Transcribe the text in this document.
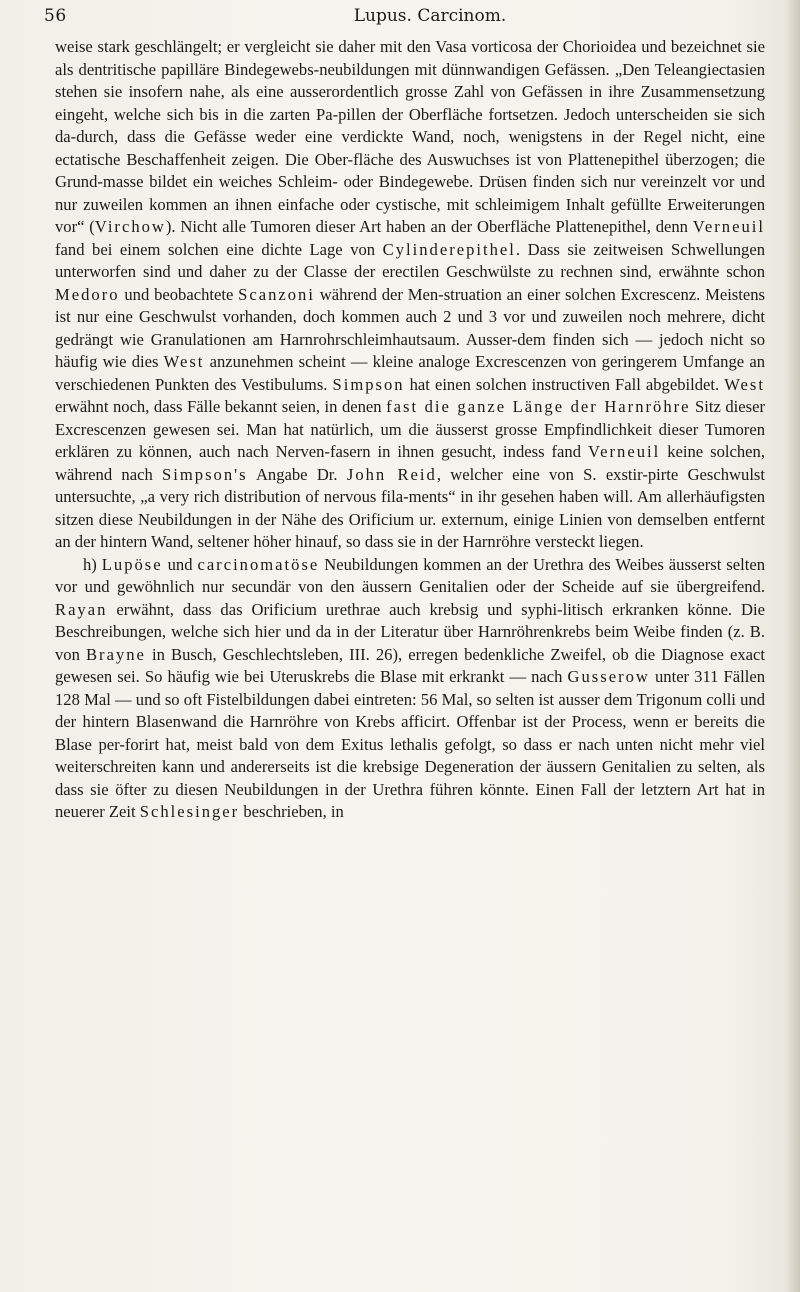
56	Lupus. Carcinom.

weise stark geschlängelt; er vergleicht sie daher mit den Vasa vorticosa der Chorioidea und bezeichnet sie als dentritische papilläre Bindegewebs-neubildungen mit dünnwandigen Gefässen. „Den Teleangiectasien stehen sie insofern nahe, als eine ausserordentlich grosse Zahl von Gefässen in ihre Zusammensetzung eingeht, welche sich bis in die zarten Pa-pillen der Oberfläche fortsetzen. Jedoch unterscheiden sie sich da-durch, dass die Gefässe weder eine verdickte Wand, noch, wenigstens in der Regel nicht, eine ectatische Beschaffenheit zeigen. Die Ober-fläche des Auswuchses ist von Plattenepithel überzogen; die Grund-masse bildet ein weiches Schleim- oder Bindegewebe. Drüsen finden sich nur vereinzelt vor und nur zuweilen kommen an ihnen einfache oder cystische, mit schleimigem Inhalt gefüllte Erweiterungen vor“ (Virchow). Nicht alle Tumoren dieser Art haben an der Oberfläche Plattenepithel, denn Verneuil fand bei einem solchen eine dichte Lage von Cylinderepithel. Dass sie zeitweisen Schwellungen unterworfen sind und daher zu der Classe der erectilen Geschwülste zu rechnen sind, erwähnte schon Medoro und beobachtete Scanzoni während der Men-struation an einer solchen Excrescenz. Meistens ist nur eine Geschwulst vorhanden, doch kommen auch 2 und 3 vor und zuweilen noch mehrere, dicht gedrängt wie Granulationen am Harnrohrschleimhautsaum. Ausser-dem finden sich — jedoch nicht so häufig wie dies West anzunehmen scheint — kleine analoge Excrescenzen von geringerem Umfange an verschiedenen Punkten des Vestibulums. Simpson hat einen solchen instructiven Fall abgebildet. West erwähnt noch, dass Fälle bekannt seien, in denen fast die ganze Länge der Harnröhre Sitz dieser Excrescenzen gewesen sei. Man hat natürlich, um die äusserst grosse Empfindlichkeit dieser Tumoren erklären zu können, auch nach Nerven-fasern in ihnen gesucht, indess fand Verneuil keine solchen, während nach Simpson's Angabe Dr. John Reid, welcher eine von S. exstir-pirte Geschwulst untersuchte, „a very rich distribution of nervous fila-ments“ in ihr gesehen haben will. Am allerhäufigsten sitzen diese Neubildungen in der Nähe des Orificium ur. externum, einige Linien von demselben entfernt an der hintern Wand, seltener höher hinauf, so dass sie in der Harnröhre versteckt liegen.

h) Lupöse und carcinomatöse Neubildungen kommen an der Urethra des Weibes äusserst selten vor und gewöhnlich nur secundär von den äussern Genitalien oder der Scheide auf sie übergreifend. Rayan erwähnt, dass das Orificium urethrae auch krebsig und syphi-litisch erkranken könne. Die Beschreibungen, welche sich hier und da in der Literatur über Harnröhrenkrebs beim Weibe finden (z. B. von Brayne in Busch, Geschlechtsleben, III. 26), erregen bedenkliche Zweifel, ob die Diagnose exact gewesen sei. So häufig wie bei Uteruskrebs die Blase mit erkrankt — nach Gusserow unter 311 Fällen 128 Mal — und so oft Fistelbildungen dabei eintreten: 56 Mal, so selten ist ausser dem Trigonum colli und der hintern Blasenwand die Harnröhre von Krebs afficirt. Offenbar ist der Process, wenn er bereits die Blase per-forirt hat, meist bald von dem Exitus lethalis gefolgt, so dass er nach unten nicht mehr viel weiterschreiten kann und andererseits ist die krebsige Degeneration der äussern Genitalien zu selten, als dass sie öfter zu diesen Neubildungen in der Urethra führen könnte. Einen Fall der letztern Art hat in neuerer Zeit Schlesinger beschrieben, in
